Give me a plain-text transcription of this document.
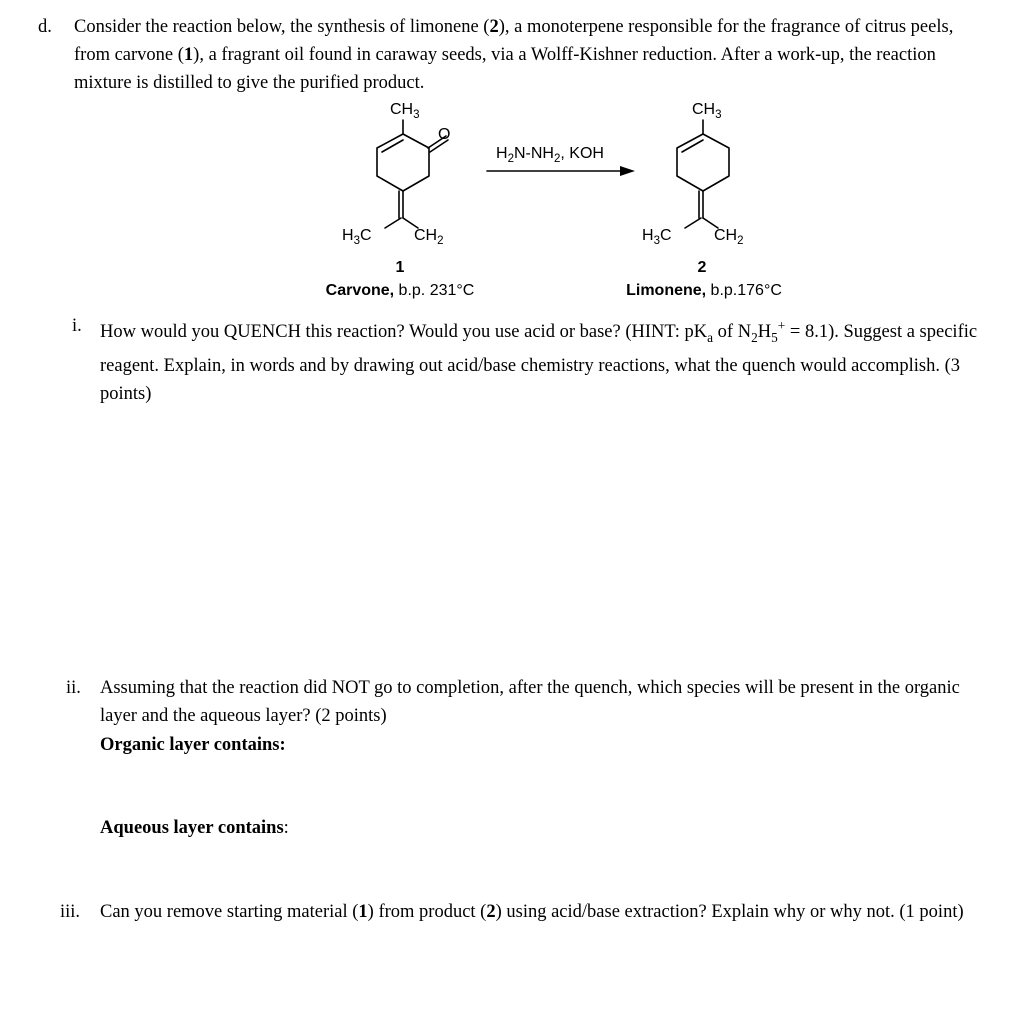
d. Consider the reaction below, the synthesis of limonene (2), a monoterpene responsible for the fragrance of citrus peels, from carvone (1), a fragrant oil found in caraway seeds, via a Wolff-Kishner reduction. After a work-up, the reaction mixture is distilled to give the purified product.
$CH_3$
O
$H_3C$	$CH_2$
$CH_3$
$H_3C$	$CH_2$
$H_2N-NH_2$, KOH
1
Carvone, b.p. 231°C
2
Limonene, b.p.176°C
i. How would you QUENCH this reaction? Would you use acid or base? (HINT: $pK_a$ of $N_2H_5^+ = 8.1$). Suggest a specific reagent. Explain, in words and by drawing out acid/base chemistry reactions, what the quench would accomplish. (3 points)
ii. Assuming that the reaction did NOT go to completion, after the quench, which species will be present in the organic layer and the aqueous layer? (2 points)
Organic layer contains:
Aqueous layer contains:
iii. Can you remove starting material (1) from product (2) using acid/base extraction? Explain why or why not. (1 point)
